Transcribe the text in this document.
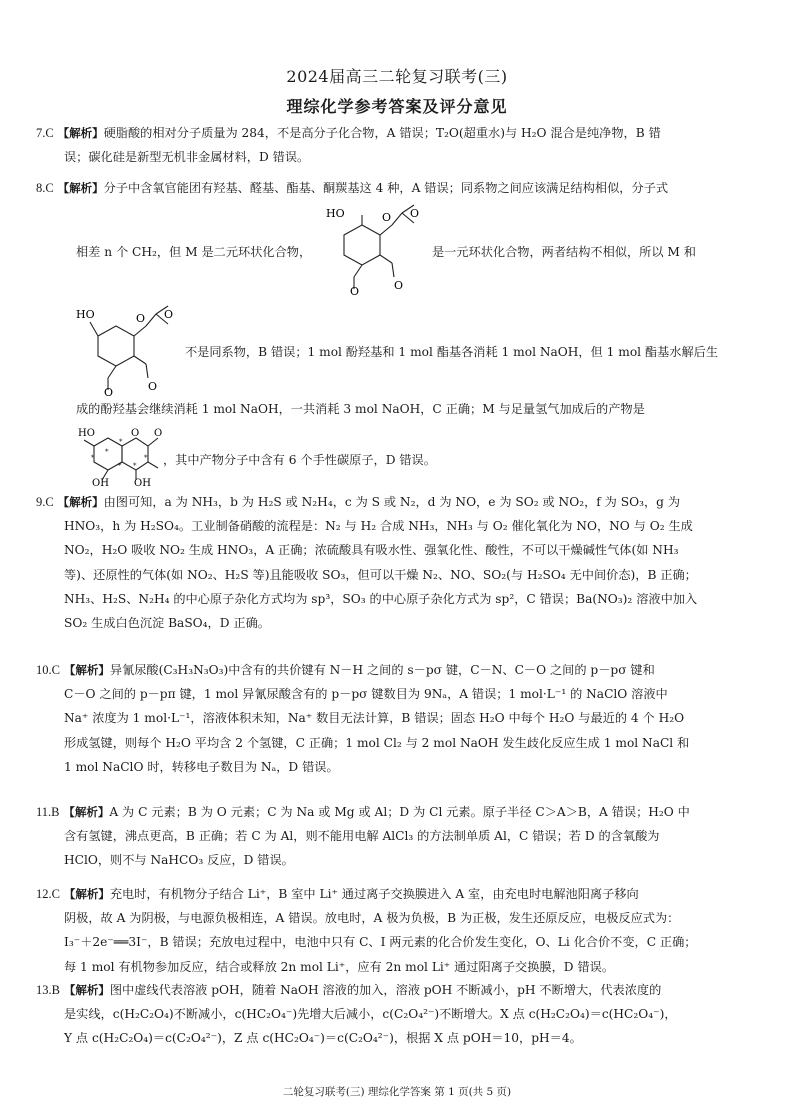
2024届高三二轮复习联考(三)
理综化学参考答案及评分意见
7.C 【解析】硬脂酸的相对分子质量为 284，不是高分子化合物，A 错误；T₂O(超重水)与 H₂O 混合是纯净物，B 错
误；碳化硅是新型无机非金属材料，D 错误。
8.C 【解析】分子中含氧官能团有羟基、醛基、酯基、酮羰基这 4 种，A 错误；同系物之间应该满足结构相似，分子式
相差 n 个 CH₂，但 M 是二元环状化合物，	是一元环状化合物，两者结构不相似，所以 M 和
HO	O O
O
O
HO	O O
O
O
不是同系物，B 错误；1 mol 酚羟基和 1 mol 酯基各消耗 1 mol NaOH，但 1 mol 酯基水解后生
成的酚羟基会继续消耗 1 mol NaOH，一共消耗 3 mol NaOH，C 正确；M 与足量氢气加成后的产物是
HO	O O
OH
OH
*
*
* *
*
*	，其中产物分子中含有 6 个手性碳原子，D 错误。
9.C 【解析】由图可知，a 为 NH₃，b 为 H₂S 或 N₂H₄，c 为 S 或 N₂，d 为 NO，e 为 SO₂ 或 NO₂，f 为 SO₃，g 为
HNO₃，h 为 H₂SO₄。工业制备硝酸的流程是：N₂ 与 H₂ 合成 NH₃，NH₃ 与 O₂ 催化氧化为 NO，NO 与 O₂ 生成
NO₂，H₂O 吸收 NO₂ 生成 HNO₃，A 正确；浓硫酸具有吸水性、强氧化性、酸性，不可以干燥碱性气体(如 NH₃
等)、还原性的气体(如 NO₂、H₂S 等)且能吸收 SO₃，但可以干燥 N₂、NO、SO₂(与 H₂SO₄ 无中间价态)，B 正确；
NH₃、H₂S、N₂H₄ 的中心原子杂化方式均为 sp³，SO₃ 的中心原子杂化方式为 sp²，C 错误；Ba(NO₃)₂ 溶液中加入
SO₂ 生成白色沉淀 BaSO₄，D 正确。
10.C 【解析】异氰尿酸(C₃H₃N₃O₃)中含有的共价键有 N－H 之间的 s－pσ 键，C－N、C－O 之间的 p－pσ 键和
C－O 之间的 p－pπ 键，1 mol 异氰尿酸含有的 p－pσ 键数目为 9Nₐ，A 错误；1 mol·L⁻¹ 的 NaClO 溶液中
Na⁺ 浓度为 1 mol·L⁻¹，溶液体积未知，Na⁺ 数目无法计算，B 错误；固态 H₂O 中每个 H₂O 与最近的 4 个 H₂O
形成氢键，则每个 H₂O 平均含 2 个氢键，C 正确；1 mol Cl₂ 与 2 mol NaOH 发生歧化反应生成 1 mol NaCl 和
1 mol NaClO 时，转移电子数目为 Nₐ，D 错误。
11.B 【解析】A 为 C 元素；B 为 O 元素；C 为 Na 或 Mg 或 Al；D 为 Cl 元素。原子半径 C＞A＞B，A 错误；H₂O 中
含有氢键，沸点更高，B 正确；若 C 为 Al，则不能用电解 AlCl₃ 的方法制单质 Al，C 错误；若 D 的含氧酸为
HClO，则不与 NaHCO₃ 反应，D 错误。
12.C 【解析】充电时，有机物分子结合 Li⁺，B 室中 Li⁺ 通过离子交换膜进入 A 室，由充电时电解池阳离子移向
阴极，故 A 为阴极，与电源负极相连，A 错误。放电时，A 极为负极，B 为正极，发生还原反应，电极反应式为：
I₃⁻＋2e⁻══3I⁻，B 错误；充放电过程中，电池中只有 C、I 两元素的化合价发生变化，O、Li 化合价不变，C 正确；
每 1 mol 有机物参加反应，结合或释放 2n mol Li⁺，应有 2n mol Li⁺ 通过阳离子交换膜，D 错误。
13.B 【解析】图中虚线代表溶液 pOH，随着 NaOH 溶液的加入，溶液 pOH 不断减小，pH 不断增大，代表浓度的
是实线，c(H₂C₂O₄)不断减小，c(HC₂O₄⁻)先增大后减小，c(C₂O₄²⁻)不断增大。X 点 c(H₂C₂O₄)＝c(HC₂O₄⁻)，
Y 点 c(H₂C₂O₄)＝c(C₂O₄²⁻)，Z 点 c(HC₂O₄⁻)＝c(C₂O₄²⁻)，根据 X 点 pOH＝10，pH＝4。
二轮复习联考(三) 理综化学答案 第 1 页(共 5 页)
